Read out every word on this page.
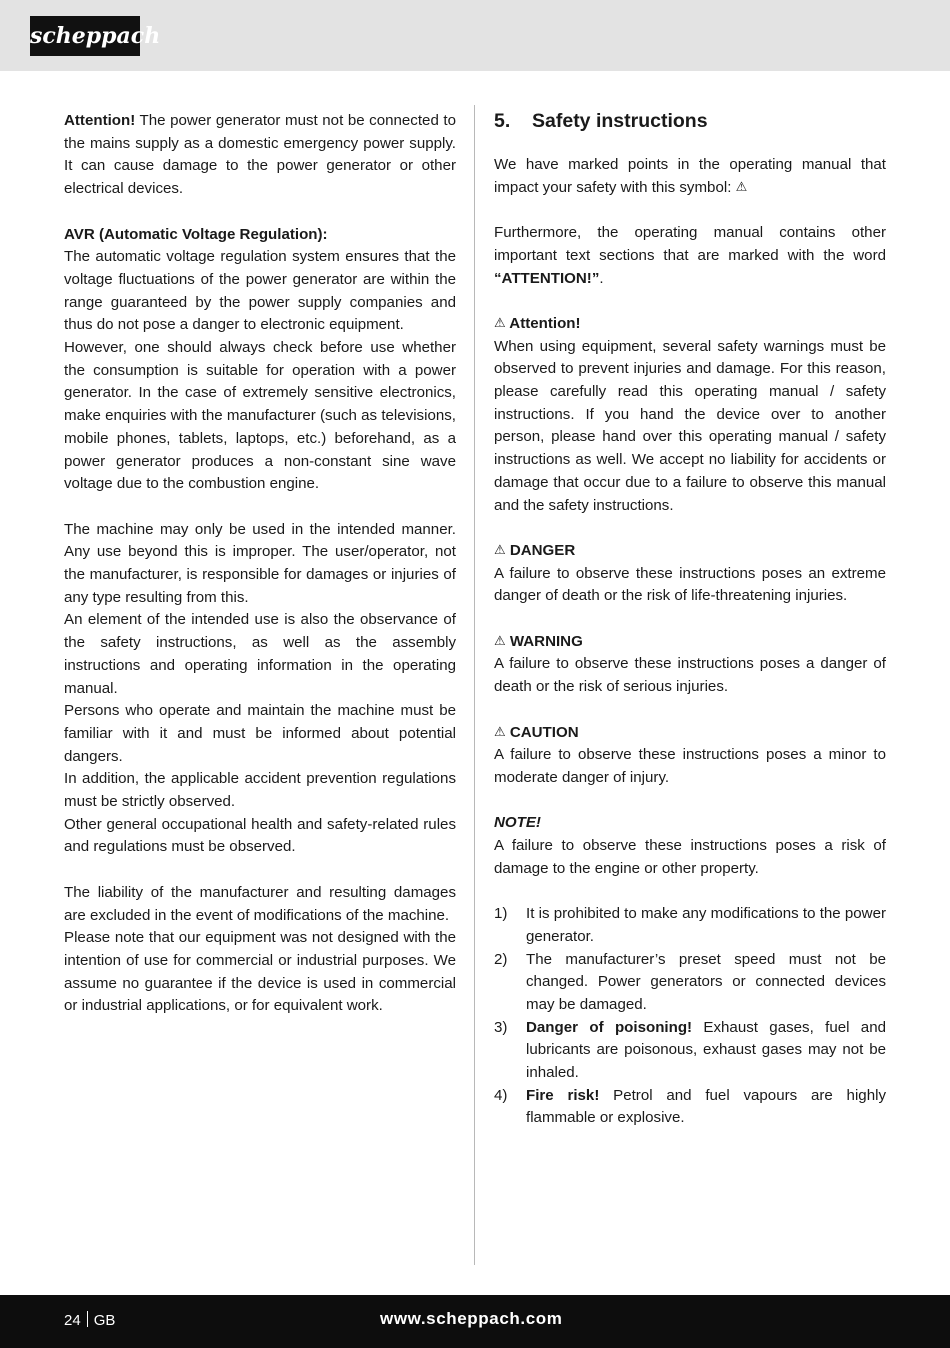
scheppach

Attention! The power generator must not be connected to the mains supply as a domestic emergency power supply. It can cause damage to the power generator or other electrical devices.

AVR (Automatic Voltage Regulation):

The automatic voltage regulation system ensures that the voltage fluctuations of the power generator are within the range guaranteed by the power supply companies and thus do not pose a danger to electronic equipment.

However, one should always check before use whether the consumption is suitable for operation with a power generator. In the case of extremely sensitive electronics, make enquiries with the manufacturer (such as televisions, mobile phones, tablets, laptops, etc.) beforehand, as a power generator produces a non-constant sine wave voltage due to the combustion engine.

The machine may only be used in the intended manner. Any use beyond this is improper. The user/operator, not the manufacturer, is responsible for damages or injuries of any type resulting from this.

An element of the intended use is also the observance of the safety instructions, as well as the assembly instructions and operating information in the operating manual.

Persons who operate and maintain the machine must be familiar with it and must be informed about potential dangers.

In addition, the applicable accident prevention regulations must be strictly observed.

Other general occupational health and safety-related rules and regulations must be observed.

The liability of the manufacturer and resulting damages are excluded in the event of modifications of the machine.

Please note that our equipment was not designed with the intention of use for commercial or industrial purposes. We assume no guarantee if the device is used in commercial or industrial applications, or for equivalent work.

5. Safety instructions

We have marked points in the operating manual that impact your safety with this symbol: ⚠

Furthermore, the operating manual contains other important text sections that are marked with the word “ATTENTION!”.

⚠ Attention!

When using equipment, several safety warnings must be observed to prevent injuries and damage. For this reason, please carefully read this operating manual / safety instructions. If you hand the device over to another person, please hand over this operating manual / safety instructions as well. We accept no liability for accidents or damage that occur due to a failure to observe this manual and the safety instructions.

⚠ DANGER

A failure to observe these instructions poses an extreme danger of death or the risk of life-threatening injuries.

⚠ WARNING

A failure to observe these instructions poses a danger of death or the risk of serious injuries.

⚠ CAUTION

A failure to observe these instructions poses a minor to moderate danger of injury.

NOTE!

A failure to observe these instructions poses a risk of damage to the engine or other property.

1) It is prohibited to make any modifications to the power generator.
2) The manufacturer’s preset speed must not be changed. Power generators or connected devices may be damaged.
3) Danger of poisoning! Exhaust gases, fuel and lubricants are poisonous, exhaust gases may not be inhaled.
4) Fire risk! Petrol and fuel vapours are highly flammable or explosive.
24 GB	www.scheppach.com
